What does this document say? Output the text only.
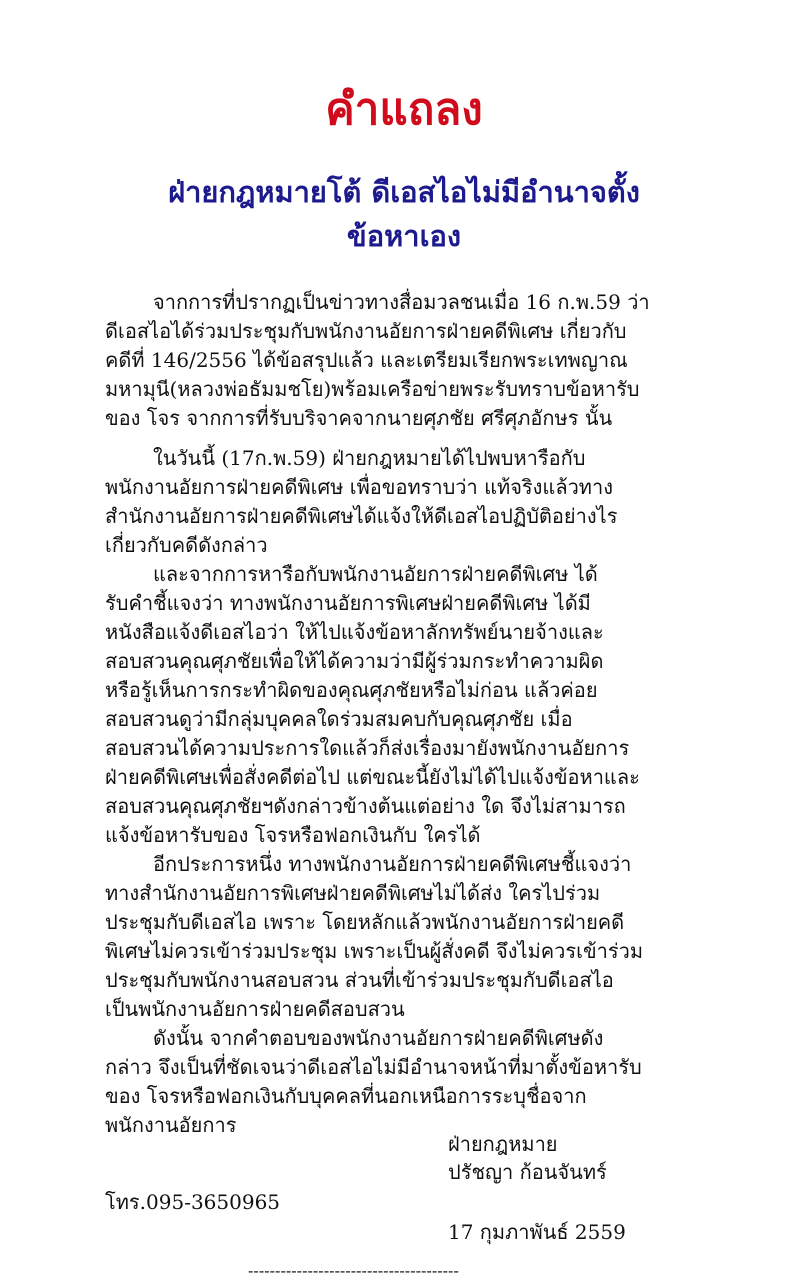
คำแถลง
ฝ่ายกฎหมายโต้ ดีเอสไอไม่มีอำนาจตั้ง
ข้อหาเอง
จากการที่ปรากฏเป็นข่าวทางสื่อมวลชนเมื่อ 16 ก.พ.59 ว่า
ดีเอสไอได้ร่วมประชุมกับพนักงานอัยการฝ่ายคดีพิเศษ เกี่ยวกับ
คดีที่ 146/2556 ได้ข้อสรุปแล้ว และเตรียมเรียกพระเทพญาณ
มหามุนี(หลวงพ่อธัมมชโย)พร้อมเครือข่ายพระรับทราบข้อหารับ
ของ โจร จากการที่รับบริจาคจากนายศุภชัย ศรีศุภอักษร นั้น
ในวันนี้ (17ก.พ.59) ฝ่ายกฎหมายได้ไปพบหารือกับ
พนักงานอัยการฝ่ายคดีพิเศษ เพื่อขอทราบว่า แท้จริงแล้วทาง
สำนักงานอัยการฝ่ายคดีพิเศษได้แจ้งให้ดีเอสไอปฏิบัติอย่างไร
เกี่ยวกับคดีดังกล่าว
และจากการหารือกับพนักงานอัยการฝ่ายคดีพิเศษ ได้
รับคำชี้แจงว่า ทางพนักงานอัยการพิเศษฝ่ายคดีพิเศษ ได้มี
หนังสือแจ้งดีเอสไอว่า ให้ไปแจ้งข้อหาลักทรัพย์นายจ้างและ
สอบสวนคุณศุภชัยเพื่อให้ได้ความว่ามีผู้ร่วมกระทำความผิด
หรือรู้เห็นการกระทำผิดของคุณศุภชัยหรือไม่ก่อน แล้วค่อย
สอบสวนดูว่ามีกลุ่มบุคคลใดร่วมสมคบกับคุณศุภชัย เมื่อ
สอบสวนได้ความประการใดแล้วก็ส่งเรื่องมายังพนักงานอัยการ
ฝ่ายคดีพิเศษเพื่อสั่งคดีต่อไป แต่ขณะนี้ยังไม่ได้ไปแจ้งข้อหาและ
สอบสวนคุณศุภชัยฯดังกล่าวข้างต้นแต่อย่าง ใด จึงไม่สามารถ
แจ้งข้อหารับของ โจรหรือฟอกเงินกับ ใครได้
อีกประการหนึ่ง ทางพนักงานอัยการฝ่ายคดีพิเศษชี้แจงว่า
ทางสำนักงานอัยการพิเศษฝ่ายคดีพิเศษไม่ได้ส่ง ใครไปร่วม
ประชุมกับดีเอสไอ เพราะ โดยหลักแล้วพนักงานอัยการฝ่ายคดี
พิเศษไม่ควรเข้าร่วมประชุม เพราะเป็นผู้สั่งคดี จึงไม่ควรเข้าร่วม
ประชุมกับพนักงานสอบสวน ส่วนที่เข้าร่วมประชุมกับดีเอสไอ
เป็นพนักงานอัยการฝ่ายคดีสอบสวน
ดังนั้น จากคำตอบของพนักงานอัยการฝ่ายคดีพิเศษดัง
กล่าว จึงเป็นที่ชัดเจนว่าดีเอสไอไม่มีอำนาจหน้าที่มาตั้งข้อหารับ
ของ โจรหรือฟอกเงินกับบุคคลที่นอกเหนือการระบุชื่อจาก
พนักงานอัยการ
ฝ่ายกฎหมาย
ปรัชญา ก้อนจันทร์
โทร.095-3650965
17 กุมภาพันธ์ 2559
---------------------------------------
